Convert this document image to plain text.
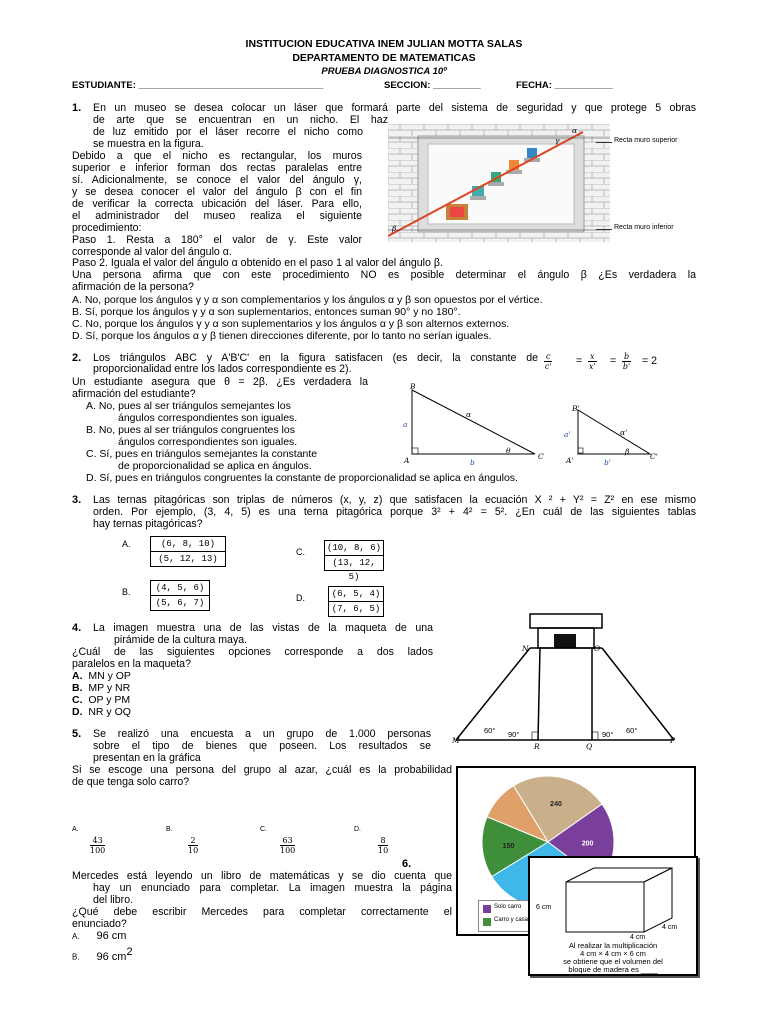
INSTITUCION EDUCATIVA INEM JULIAN MOTTA SALAS
DEPARTAMENTO DE MATEMATICAS
PRUEBA DIAGNOSTICA 10º
ESTUDIANTE: ___________________________________	SECCION: _________	FECHA: ___________
1. En un museo se desea colocar un láser que formará parte del sistema de seguridad y que protege 5 obras
de arte que se encuentran en un nicho. El haz
de luz emitido por el láser recorre el nicho como
se muestra en la figura.
Debido a que el nicho es rectangular, los muros
superior e inferior forman dos rectas paralelas entre
sí. Adicionalmente, se conoce el valor del ángulo γ,
y se desea conocer el valor del ángulo β con el fin
de verificar la correcta ubicación del láser. Para ello,
el administrador del museo realiza el siguiente
procedimiento:
Paso 1. Resta a 180° el valor de γ. Este valor
corresponde al valor del ángulo α.
Paso 2. Iguala el valor del ángulo α obtenido en el paso 1 al valor del ángulo β.
Una persona afirma que con este procedimiento NO es posible determinar el ángulo β ¿Es verdadera la
afirmación de la persona?
A. No, porque los ángulos γ y α son complementarios y los ángulos α y β son opuestos por el vértice.
B. Sí, porque los ángulos γ y α son suplementarios, entonces suman 90° y no 180°.
C. No, porque los ángulos γ y α son suplementarios y los ángulos α y β son alternos externos.
D. Sí, porque los ángulos α y β tienen direcciones diferente, por lo tanto no serían iguales.
α
γ
β
Recta muro superior
Recta muro inferior
2. Los triángulos ABC y A'B'C' en la figura satisfacen (es decir, la constante de
proporcionalidad entre los lados correspondiente es 2).
Un estudiante asegura que θ = 2β. ¿Es verdadera la
afirmación del estudiante?
A. No, pues al ser triángulos semejantes los
ángulos correspondientes son iguales.
B. No, pues al ser triángulos congruentes los
ángulos correspondientes son iguales.
C. Sí, pues en triángulos semejantes la constante
de proporcionalidad se aplica en ángulos.
D. Sí, pues en triángulos congruentes la constante de proporcionalidad se aplica en ángulos.
$\frac{c}{c'} = \frac{x}{x'} = \frac{b}{b'} = 2$
B
a
α
θ
b
C
A
B'
a'	α'
β
b'
C'
A'
3. Las ternas pitagóricas son triplas de números (x, y, z) que satisfacen la ecuación X ² + Y² = Z² en ese mismo
orden. Por ejemplo, (3, 4, 5) es una terna pitagórica porque 3² + 4² = 5². ¿En cuál de las siguientes tablas
hay ternas pitagóricas?
A.	(6, 8, 10)
(5, 12, 13)
C. (10, 8, 6)
(13, 12, 5)
B.	(4, 5, 6)
(5, 6, 7)	D.	(6, 5, 4)
(7, 6, 5)
4. La imagen muestra una de las vistas de la maqueta de una
pirámide de la cultura maya.
¿Cuál de las siguientes opciones corresponde a dos lados
paralelos en la maqueta?
A. MN y OP
B. MP y NR
C. OP y PM
D. NR y OQ
N	O
M	P
R	Q
60° 90°	90° 60°
5. Se realizó una encuesta a un grupo de 1.000 personas
sobre el tipo de bienes que poseen. Los resultados se
presentan en la gráfica
Si se escoge una persona del grupo al azar, ¿cuál es la probabilidad
de que tenga solo carro?
A.
$\frac{43}{100}$
B.
$\frac{2}{10}$
C.
$\frac{63}{100}$
D.
$\frac{8}{10}$
240
200
150
Solo carro
Carro y casa
6.
Mercedes está leyendo un libro de matemáticas y se dio cuenta que
hay un enunciado para completar. La imagen muestra la página
del libro.
¿Qué debe escribir Mercedes para completar correctamente el
enunciado?
A. 96 cm
B. 96 $cm^2$
6 cm
4 cm
4 cm
Al realizar la multiplicación
4 cm × 4 cm × 6 cm
se obtiene que el volumen del
bloque de madera es ____
